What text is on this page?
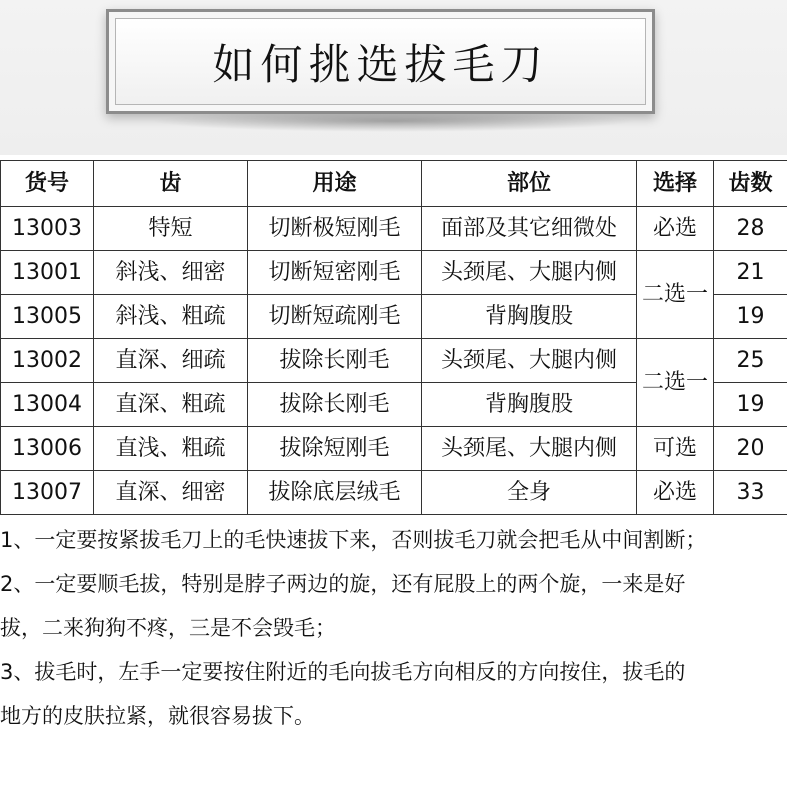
如何挑选拔毛刀
货号	齿	用途	部位	选择	齿数
13003	特短	切断极短刚毛	面部及其它细微处	必选	28
13001	斜浅、细密	切断短密刚毛	头颈尾、大腿内侧	二选一	21
13005	斜浅、粗疏	切断短疏刚毛	背胸腹股		19
13002	直深、细疏	拔除长刚毛	头颈尾、大腿内侧	二选一	25
13004	直深、粗疏	拔除长刚毛	背胸腹股		19
13006	直浅、粗疏	拔除短刚毛	头颈尾、大腿内侧	可选	20
13007	直深、细密	拔除底层绒毛	全身	必选	33

1、一定要按紧拔毛刀上的毛快速拔下来，否则拔毛刀就会把毛从中间割断；

2、一定要顺毛拔，特别是脖子两边的旋，还有屁股上的两个旋，一来是好

拔，二来狗狗不疼，三是不会毁毛；

3、拔毛时，左手一定要按住附近的毛向拔毛方向相反的方向按住，拔毛的

地方的皮肤拉紧，就很容易拔下。
